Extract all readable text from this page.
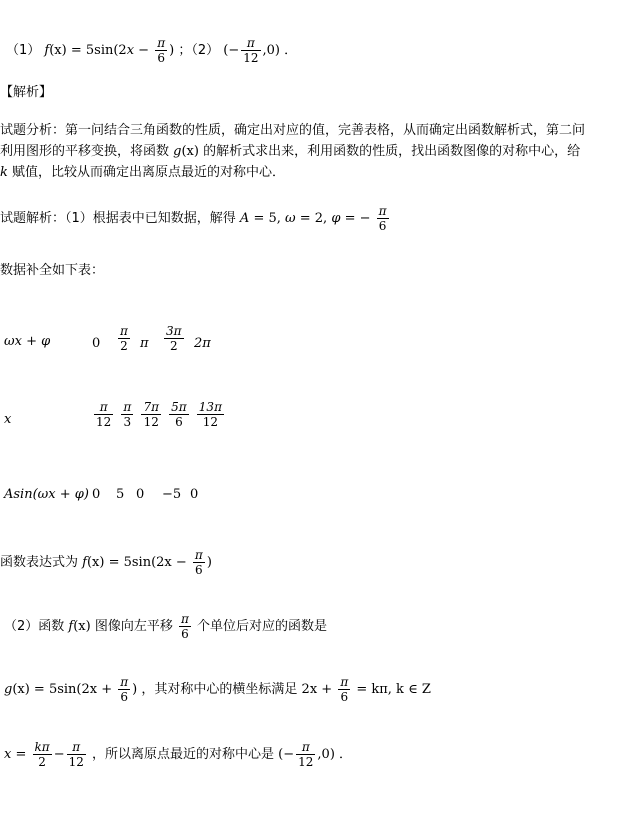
（1） $f(x) = 5\sin(2x - \frac{\pi}{6}$ ) ；（2） (− $\frac{\pi}{12} ,0$) ．
【解析】
试题分析：第一问结合三角函数的性质，确定出对应的值，完善表格，从而确定出函数解析式，第二问
利用图形的平移变换，将函数 g(x) 的解析式求出来，利用函数的性质，找出函数图像的对称中心，给
k 赋值，比较从而确定出离原点最近的对称中心．
试题解析：（1）根据表中已知数据，解得 A = 5, ω = 2, φ = − $\frac{\pi}{6}$
数据补全如下表：
ωx + φ	$0 \frac{\pi}{2}$ π $\frac{3\pi}{2} 2\pi$
x	$\frac{\pi}{12}$
$\frac{\pi}{3}$
$\frac{7\pi}{12}$
$\frac{5\pi}{6}$
$\frac{13\pi}{12}$
Asin(ωx + φ) 0 5 0 −5 0
函数表达式为 $f(x) = 5\sin(2x - \frac{\pi}{6}$ )
（2）函数 f(x) 图像向左平移 $\frac{\pi}{6}$ 个单位后对应的函数是
$g(x) = 5\sin(2x + \frac{\pi}{6}$ ) ，其对称中心的横坐标满足 $2x + \frac{\pi}{6} = k\pi$, k ∈ Z
$x = \frac{k\pi}{2} - \frac{\pi}{12}$ ，所以离原点最近的对称中心是 (− $\frac{\pi}{12} ,0$) ．
